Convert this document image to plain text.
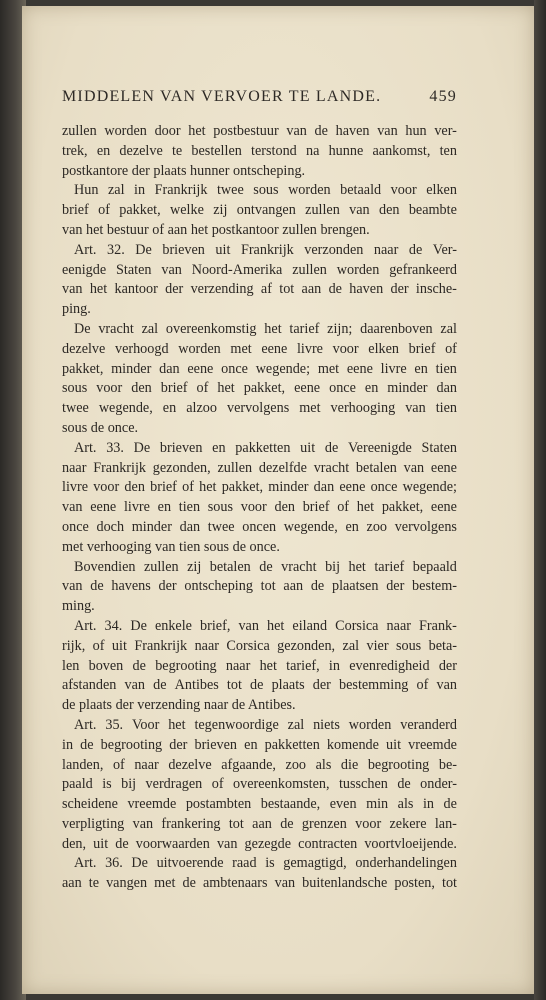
MIDDELEN VAN VERVOER TE LANDE.	459
zullen worden door het postbestuur van de haven van hun ver-
trek, en dezelve te bestellen terstond na hunne aankomst, ten
postkantore der plaats hunner ontscheping.
Hun zal in Frankrijk twee sous worden betaald voor elken
brief of pakket, welke zij ontvangen zullen van den beambte
van het bestuur of aan het postkantoor zullen brengen.
Art. 32. De brieven uit Frankrijk verzonden naar de Ver-
eenigde Staten van Noord-Amerika zullen worden gefrankeerd
van het kantoor der verzending af tot aan de haven der insche-
ping.
De vracht zal overeenkomstig het tarief zijn; daarenboven zal
dezelve verhoogd worden met eene livre voor elken brief of
pakket, minder dan eene once wegende; met eene livre en tien
sous voor den brief of het pakket, eene once en minder dan
twee wegende, en alzoo vervolgens met verhooging van tien
sous de once.
Art. 33. De brieven en pakketten uit de Vereenigde Staten
naar Frankrijk gezonden, zullen dezelfde vracht betalen van eene
livre voor den brief of het pakket, minder dan eene once wegende;
van eene livre en tien sous voor den brief of het pakket, eene
once doch minder dan twee oncen wegende, en zoo vervolgens
met verhooging van tien sous de once.
Bovendien zullen zij betalen de vracht bij het tarief bepaald
van de havens der ontscheping tot aan de plaatsen der bestem-
ming.
Art. 34. De enkele brief, van het eiland Corsica naar Frank-
rijk, of uit Frankrijk naar Corsica gezonden, zal vier sous beta-
len boven de begrooting naar het tarief, in evenredigheid der
afstanden van de Antibes tot de plaats der bestemming of van
de plaats der verzending naar de Antibes.
Art. 35. Voor het tegenwoordige zal niets worden veranderd
in de begrooting der brieven en pakketten komende uit vreemde
landen, of naar dezelve afgaande, zoo als die begrooting be-
paald is bij verdragen of overeenkomsten, tusschen de onder-
scheidene vreemde postambten bestaande, even min als in de
verpligting van frankering tot aan de grenzen voor zekere lan-
den, uit de voorwaarden van gezegde contracten voortvloeijende.
Art. 36. De uitvoerende raad is gemagtigd, onderhandelingen
aan te vangen met de ambtenaars van buitenlandsche posten, tot
